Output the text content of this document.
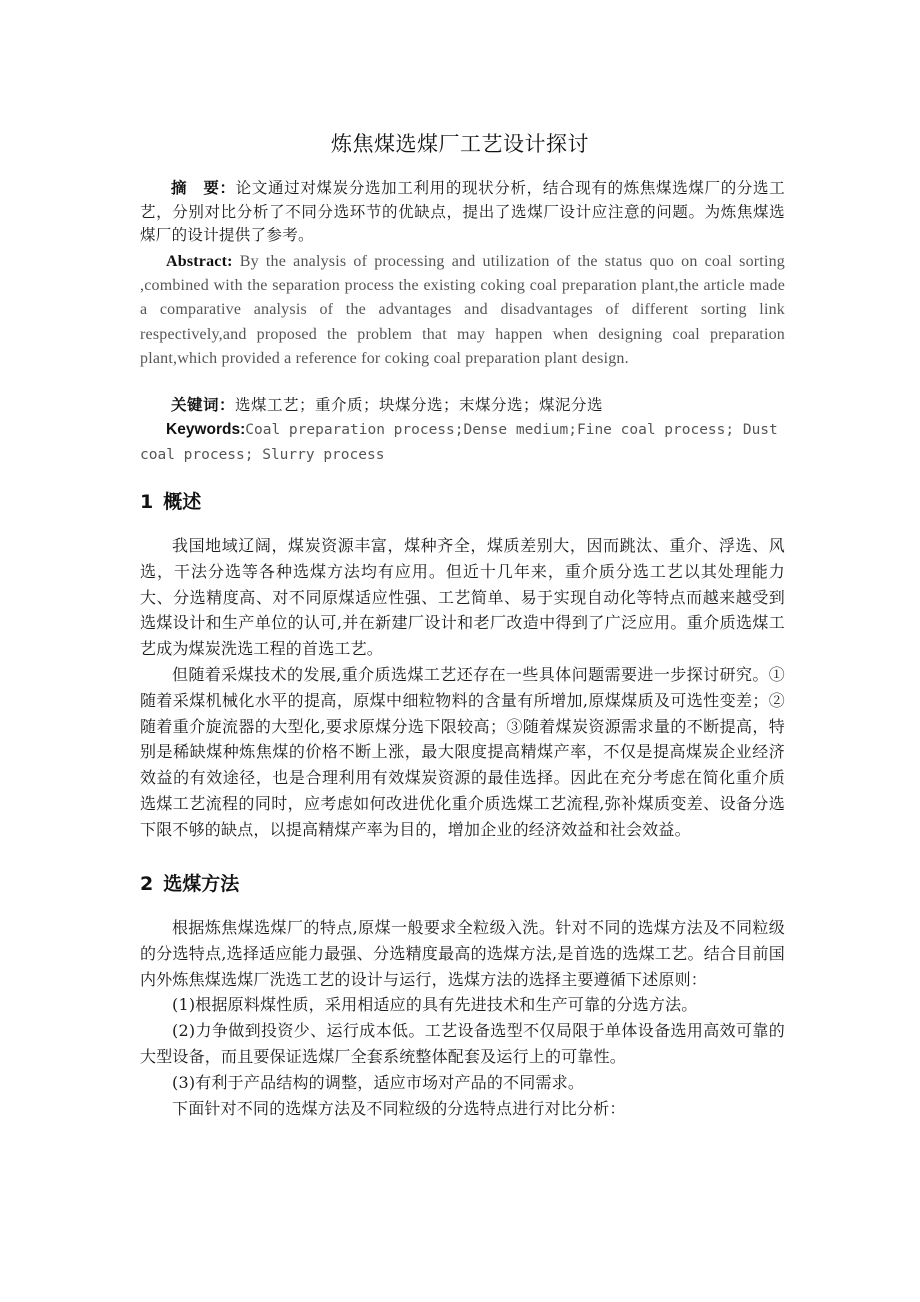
炼焦煤选煤厂工艺设计探讨

摘　要：论文通过对煤炭分选加工利用的现状分析，结合现有的炼焦煤选煤厂的分选工艺，分别对比分析了不同分选环节的优缺点，提出了选煤厂设计应注意的问题。为炼焦煤选煤厂的设计提供了参考。

Abstract: By the analysis of processing and utilization of the status quo on coal sorting ,combined with the separation process the existing coking coal preparation plant,the article made a comparative analysis of the advantages and disadvantages of different sorting link respectively,and proposed the problem that may happen when designing coal preparation plant,which provided a reference for coking coal preparation plant design.

关键词：选煤工艺；重介质；块煤分选；末煤分选；煤泥分选

Keywords:Coal preparation process;Dense medium;Fine coal process; Dust coal process; Slurry process

1 概述

我国地域辽阔，煤炭资源丰富，煤种齐全，煤质差别大，因而跳汰、重介、浮选、风选，干法分选等各种选煤方法均有应用。但近十几年来，重介质分选工艺以其处理能力大、分选精度高、对不同原煤适应性强、工艺简单、易于实现自动化等特点而越来越受到选煤设计和生产单位的认可,并在新建厂设计和老厂改造中得到了广泛应用。重介质选煤工艺成为煤炭洗选工程的首选工艺。

但随着采煤技术的发展,重介质选煤工艺还存在一些具体问题需要进一步探讨研究。①随着采煤机械化水平的提高，原煤中细粒物料的含量有所增加,原煤煤质及可选性变差；②随着重介旋流器的大型化,要求原煤分选下限较高；③随着煤炭资源需求量的不断提高，特别是稀缺煤种炼焦煤的价格不断上涨，最大限度提高精煤产率，不仅是提高煤炭企业经济效益的有效途径，也是合理利用有效煤炭资源的最佳选择。因此在充分考虑在简化重介质选煤工艺流程的同时，应考虑如何改进优化重介质选煤工艺流程,弥补煤质变差、设备分选下限不够的缺点，以提高精煤产率为目的，增加企业的经济效益和社会效益。

2 选煤方法

根据炼焦煤选煤厂的特点,原煤一般要求全粒级入洗。针对不同的选煤方法及不同粒级的分选特点,选择适应能力最强、分选精度最高的选煤方法,是首选的选煤工艺。结合目前国内外炼焦煤选煤厂洗选工艺的设计与运行，选煤方法的选择主要遵循下述原则：

(1)根据原料煤性质，采用相适应的具有先进技术和生产可靠的分选方法。

(2)力争做到投资少、运行成本低。工艺设备选型不仅局限于单体设备选用高效可靠的大型设备，而且要保证选煤厂全套系统整体配套及运行上的可靠性。

(3)有利于产品结构的调整，适应市场对产品的不同需求。

下面针对不同的选煤方法及不同粒级的分选特点进行对比分析：
